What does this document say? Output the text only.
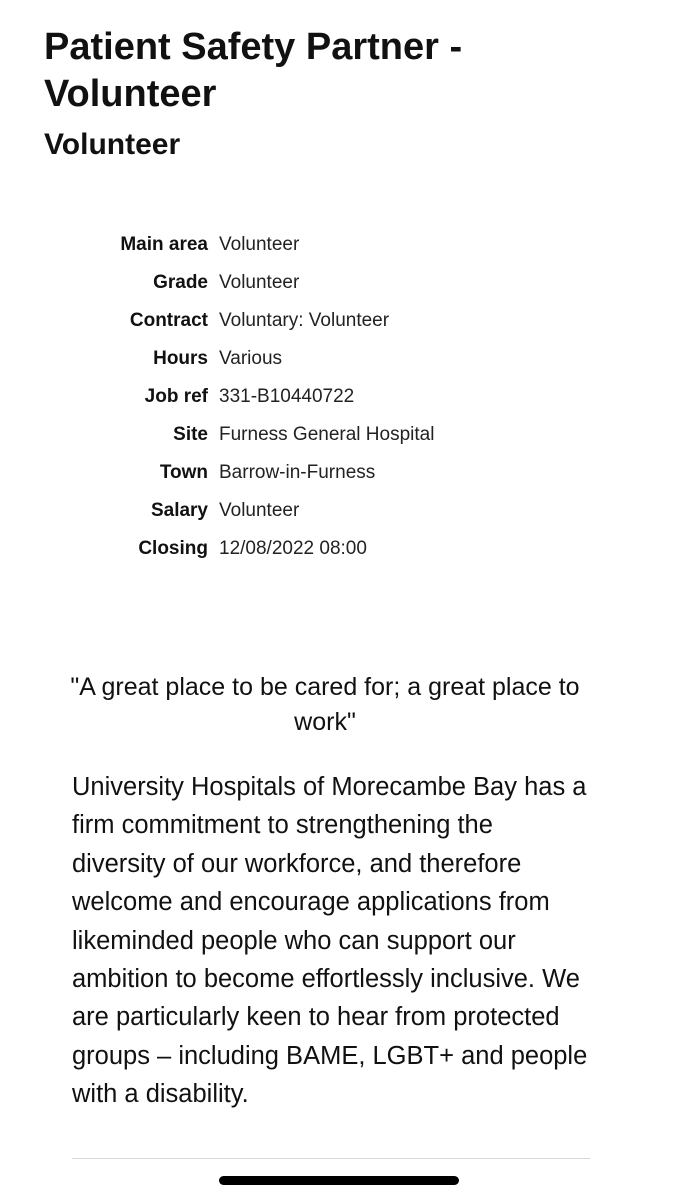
Patient Safety Partner - Volunteer
Volunteer
Main area Volunteer
Grade Volunteer
Contract Voluntary: Volunteer
Hours Various
Job ref 331-B10440722
Site Furness General Hospital
Town Barrow-in-Furness
Salary Volunteer
Closing 12/08/2022 08:00

"A great place to be cared for; a great place to work"

University Hospitals of Morecambe Bay has a firm commitment to strengthening the diversity of our workforce, and therefore welcome and encourage applications from likeminded people who can support our ambition to become effortlessly inclusive. We are particularly keen to hear from protected groups – including BAME, LGBT+ and people with a disability.
